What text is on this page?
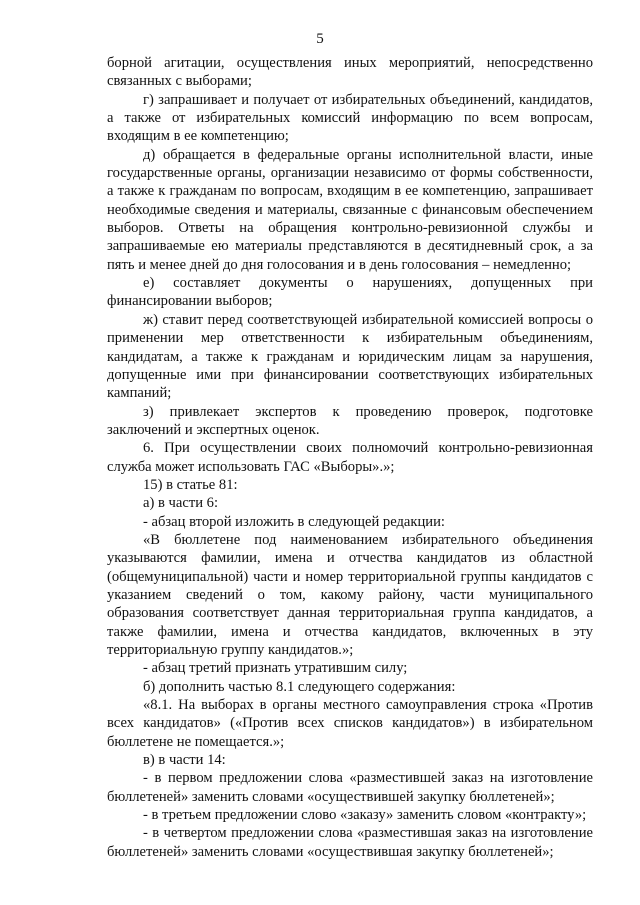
5

борной агитации, осуществления иных мероприятий, непосредственно связанных с выборами;

г) запрашивает и получает от избирательных объединений, кандидатов, а также от избирательных комиссий информацию по всем вопросам, входящим в ее компетенцию;

д) обращается в федеральные органы исполнительной власти, иные государственные органы, организации независимо от формы собственности, а также к гражданам по вопросам, входящим в ее компетенцию, запрашивает необходимые сведения и материалы, связанные с финансовым обеспечением выборов. Ответы на обращения контрольно-ревизионной службы и запрашиваемые ею материалы представляются в десятидневный срок, а за пять и менее дней до дня голосования и в день голосования – немедленно;

е) составляет документы о нарушениях, допущенных при финансировании выборов;

ж) ставит перед соответствующей избирательной комиссией вопросы о применении мер ответственности к избирательным объединениям, кандидатам, а также к гражданам и юридическим лицам за нарушения, допущенные ими при финансировании соответствующих избирательных кампаний;

з) привлекает экспертов к проведению проверок, подготовке заключений и экспертных оценок.

6. При осуществлении своих полномочий контрольно-ревизионная служба может использовать ГАС «Выборы».»;

15) в статье 81:

а) в части 6:

- абзац второй изложить в следующей редакции:

«В бюллетене под наименованием избирательного объединения указываются фамилии, имена и отчества кандидатов из областной (общемуниципальной) части и номер территориальной группы кандидатов с указанием сведений о том, какому району, части муниципального образования соответствует данная территориальная группа кандидатов, а также фамилии, имена и отчества кандидатов, включенных в эту территориальную группу кандидатов.»;

- абзац третий признать утратившим силу;

б) дополнить частью 8.1 следующего содержания:

«8.1. На выборах в органы местного самоуправления строка «Против всех кандидатов» («Против всех списков кандидатов») в избирательном бюллетене не помещается.»;

в) в части 14:

- в первом предложении слова «разместившей заказ на изготовление бюллетеней» заменить словами «осуществившей закупку бюллетеней»;

- в третьем предложении слово «заказу» заменить словом «контракту»;

- в четвертом предложении слова «разместившая заказ на изготовление бюллетеней» заменить словами «осуществившая закупку бюллетеней»;
